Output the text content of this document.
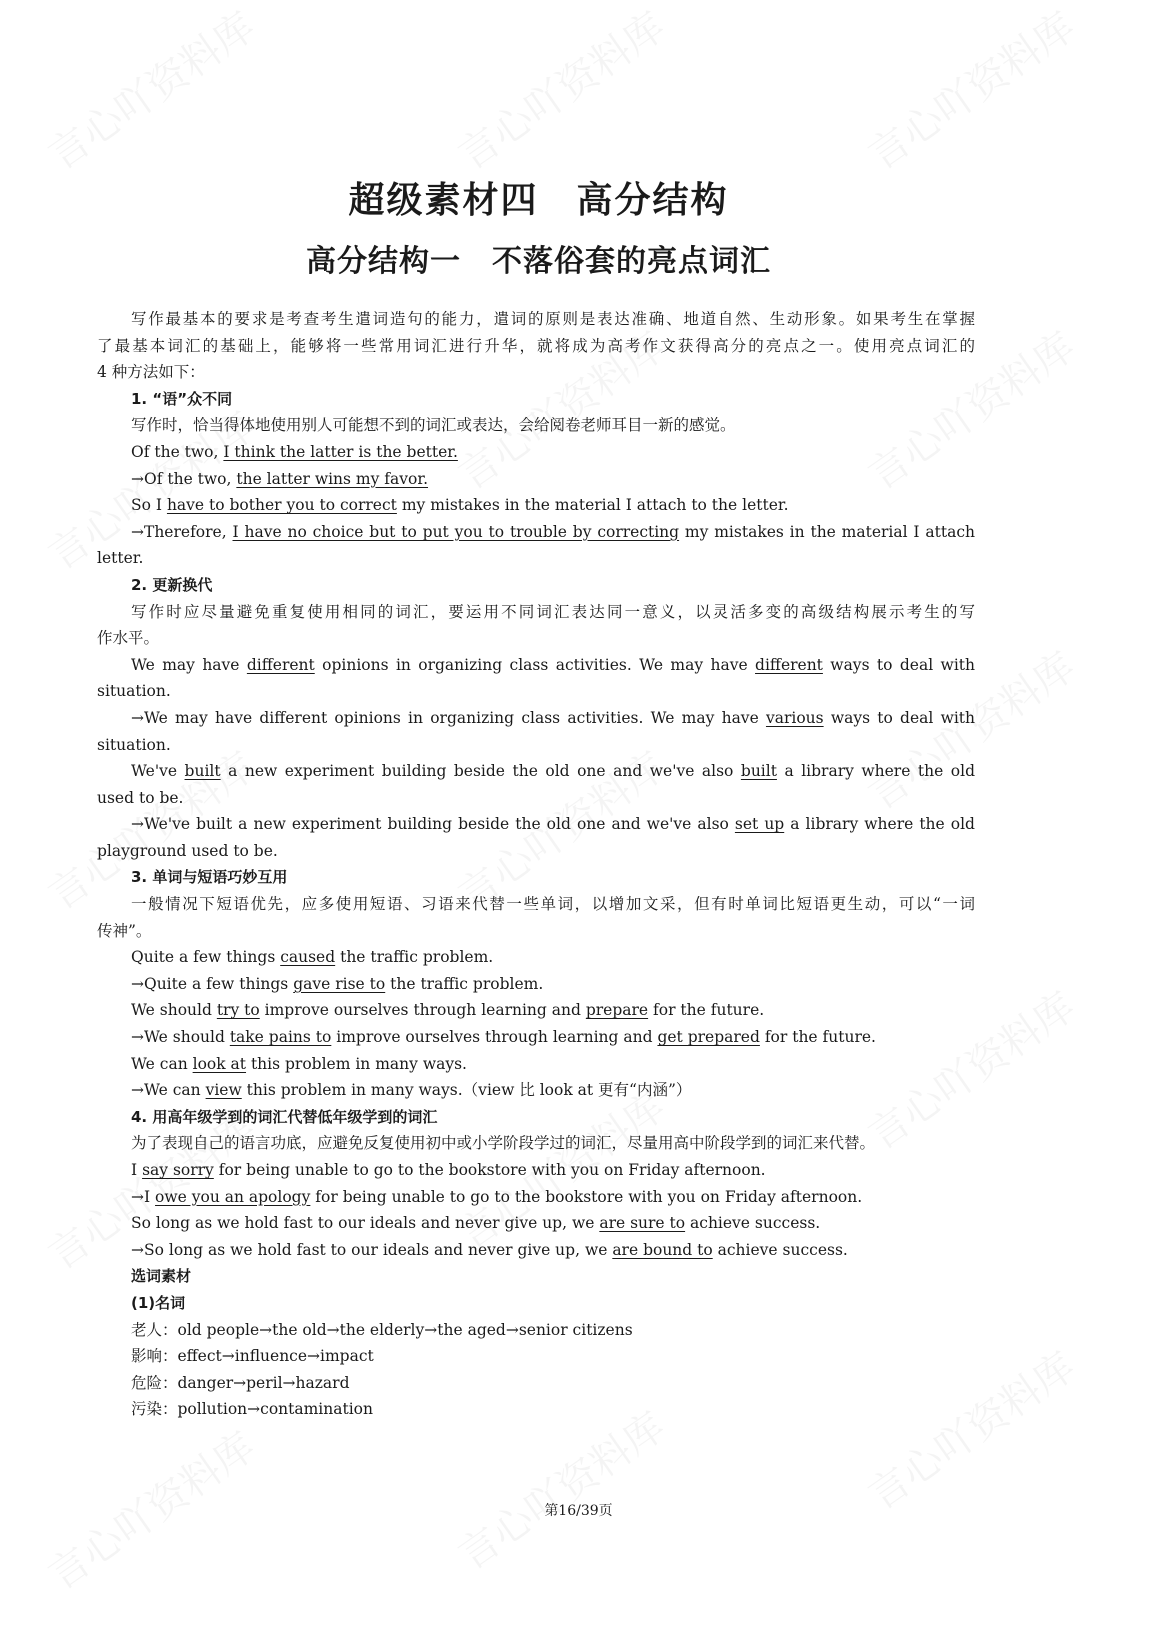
超级素材四　高分结构
高分结构一　不落俗套的亮点词汇
写作最基本的要求是考查考生遣词造句的能力，遣词的原则是表达准确、地道自然、生动形象。如果考生在掌握
了最基本词汇的基础上，能够将一些常用词汇进行升华，就将成为高考作文获得高分的亮点之一。使用亮点词汇的
4 种方法如下：
1. “语”众不同
写作时，恰当得体地使用别人可能想不到的词汇或表达，会给阅卷老师耳目一新的感觉。
Of the two, I think the latter is the better.
→Of the two, the latter wins my favor.
So I have to bother you to correct my mistakes in the material I attach to the letter.
→Therefore, I have no choice but to put you to trouble by correcting my mistakes in the material I attach
letter.
2. 更新换代
写作时应尽量避免重复使用相同的词汇，要运用不同词汇表达同一意义，以灵活多变的高级结构展示考生的写
作水平。
We may have different opinions in organizing class activities. We may have different ways to deal with
situation.
→We may have different opinions in organizing class activities. We may have various ways to deal with
situation.
We've built a new experiment building beside the old one and we've also built a library where the old
used to be.
→We've built a new experiment building beside the old one and we've also set up a library where the old
playground used to be.
3. 单词与短语巧妙互用
一般情况下短语优先，应多使用短语、习语来代替一些单词，以增加文采，但有时单词比短语更生动，可以“一词
传神”。
Quite a few things caused the traffic problem.
→Quite a few things gave rise to the traffic problem.
We should try to improve ourselves through learning and prepare for the future.
→We should take pains to improve ourselves through learning and get prepared for the future.
We can look at this problem in many ways.
→We can view this problem in many ways.（view 比 look at 更有“内涵”）
4. 用高年级学到的词汇代替低年级学到的词汇
为了表现自己的语言功底，应避免反复使用初中或小学阶段学过的词汇，尽量用高中阶段学到的词汇来代替。
I say sorry for being unable to go to the bookstore with you on Friday afternoon.
→I owe you an apology for being unable to go to the bookstore with you on Friday afternoon.
So long as we hold fast to our ideals and never give up, we are sure to achieve success.
→So long as we hold fast to our ideals and never give up, we are bound to achieve success.
选词素材
(1)名词
老人：old people→the old→the elderly→the aged→senior citizens
影响：effect→influence→impact
危险：danger→peril→hazard
污染：pollution→contamination
第16/39页
